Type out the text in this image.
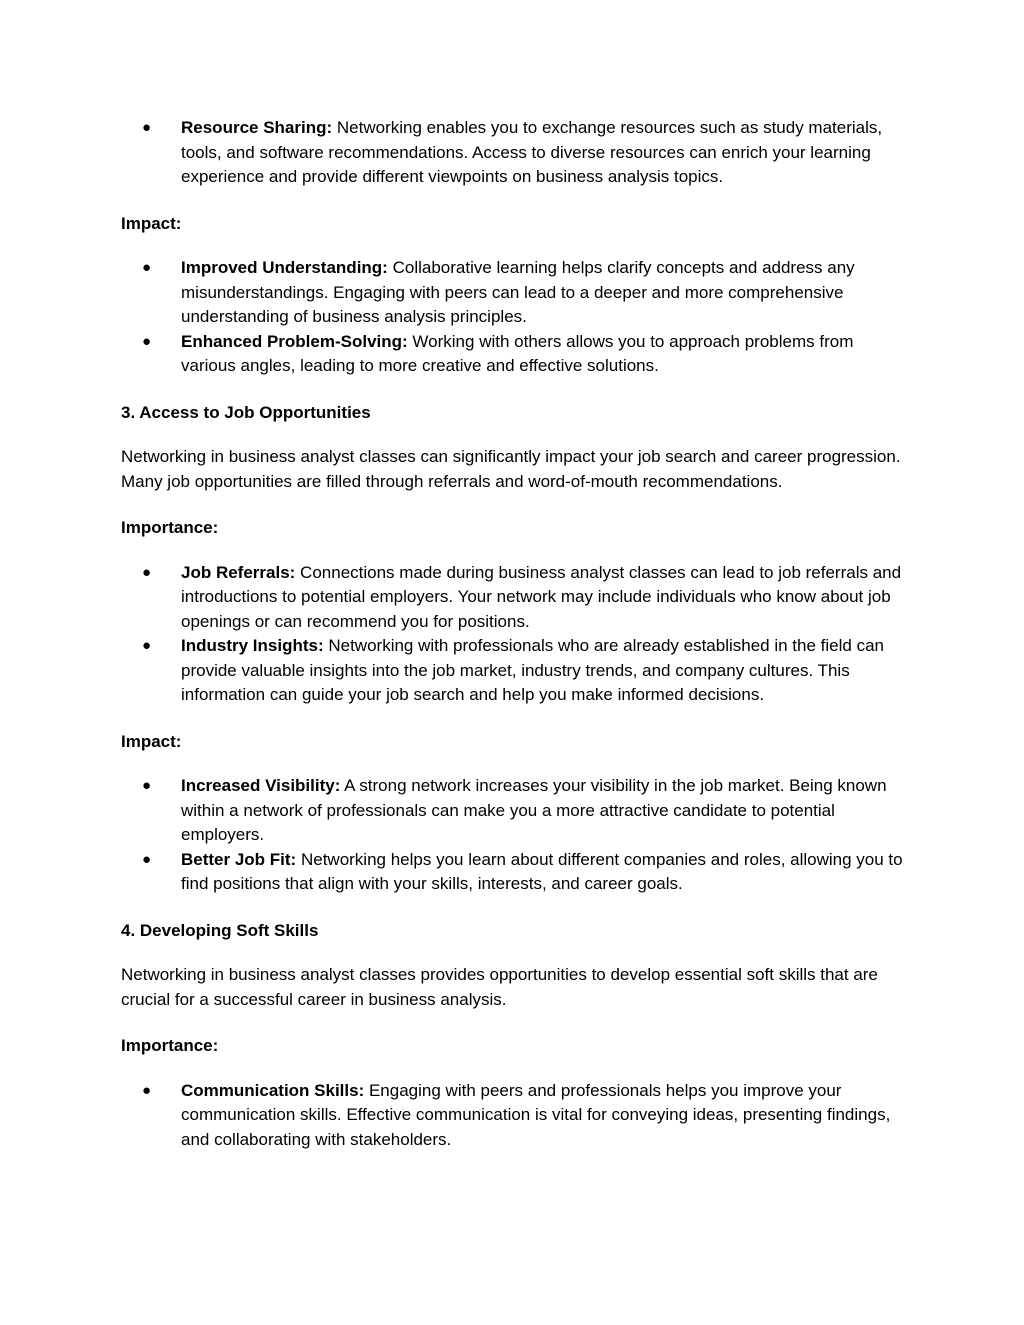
● Resource Sharing: Networking enables you to exchange resources such as study materials, tools, and software recommendations. Access to diverse resources can enrich your learning experience and provide different viewpoints on business analysis topics.

Impact:

● Improved Understanding: Collaborative learning helps clarify concepts and address any misunderstandings. Engaging with peers can lead to a deeper and more comprehensive understanding of business analysis principles.
● Enhanced Problem-Solving: Working with others allows you to approach problems from various angles, leading to more creative and effective solutions.

3. Access to Job Opportunities

Networking in business analyst classes can significantly impact your job search and career progression. Many job opportunities are filled through referrals and word-of-mouth recommendations.

Importance:

● Job Referrals: Connections made during business analyst classes can lead to job referrals and introductions to potential employers. Your network may include individuals who know about job openings or can recommend you for positions.
● Industry Insights: Networking with professionals who are already established in the field can provide valuable insights into the job market, industry trends, and company cultures. This information can guide your job search and help you make informed decisions.

Impact:

● Increased Visibility: A strong network increases your visibility in the job market. Being known within a network of professionals can make you a more attractive candidate to potential employers.
● Better Job Fit: Networking helps you learn about different companies and roles, allowing you to find positions that align with your skills, interests, and career goals.

4. Developing Soft Skills

Networking in business analyst classes provides opportunities to develop essential soft skills that are crucial for a successful career in business analysis.

Importance:

● Communication Skills: Engaging with peers and professionals helps you improve your communication skills. Effective communication is vital for conveying ideas, presenting findings, and collaborating with stakeholders.
